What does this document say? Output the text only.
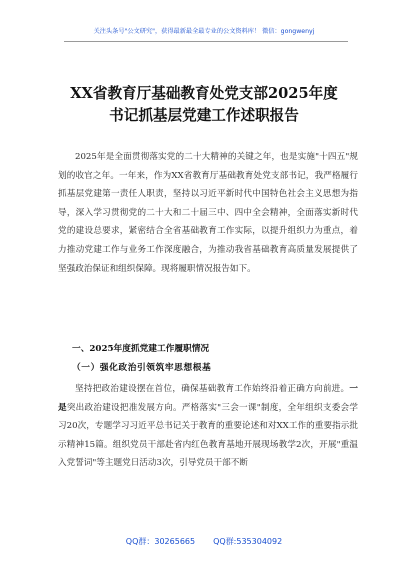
关注头条号"公文研究"，获得最新最全最专业的公文资料库！ 微信：gongwenyj
XX省教育厅基础教育处党支部2025年度
书记抓基层党建工作述职报告

2025年是全面贯彻落实党的二十大精神的关键之年，也是实施"十四五"规划的收官之年。一年来，作为XX省教育厅基础教育处党支部书记，我严格履行抓基层党建第一责任人职责，坚持以习近平新时代中国特色社会主义思想为指导，深入学习贯彻党的二十大和二十届三中、四中全会精神，全面落实新时代党的建设总要求，紧密结合全省基础教育工作实际，以提升组织力为重点，着力推动党建工作与业务工作深度融合，为推动我省基础教育高质量发展提供了坚强政治保证和组织保障。现将履职情况报告如下。

一、2025年度抓党建工作履职情况

（一）强化政治引领筑牢思想根基

坚持把政治建设摆在首位，确保基础教育工作始终沿着正确方向前进。一是突出政治建设把准发展方向。严格落实"三会一课"制度，全年组织支委会学习20次，专题学习习近平总书记关于教育的重要论述和对XX工作的重要指示批示精神15篇。组织党员干部赴省内红色教育基地开展现场教学2次，开展"重温入党誓词"等主题党日活动3次，引导党员干部不断

QQ群：30265665 QQ群:535304092
